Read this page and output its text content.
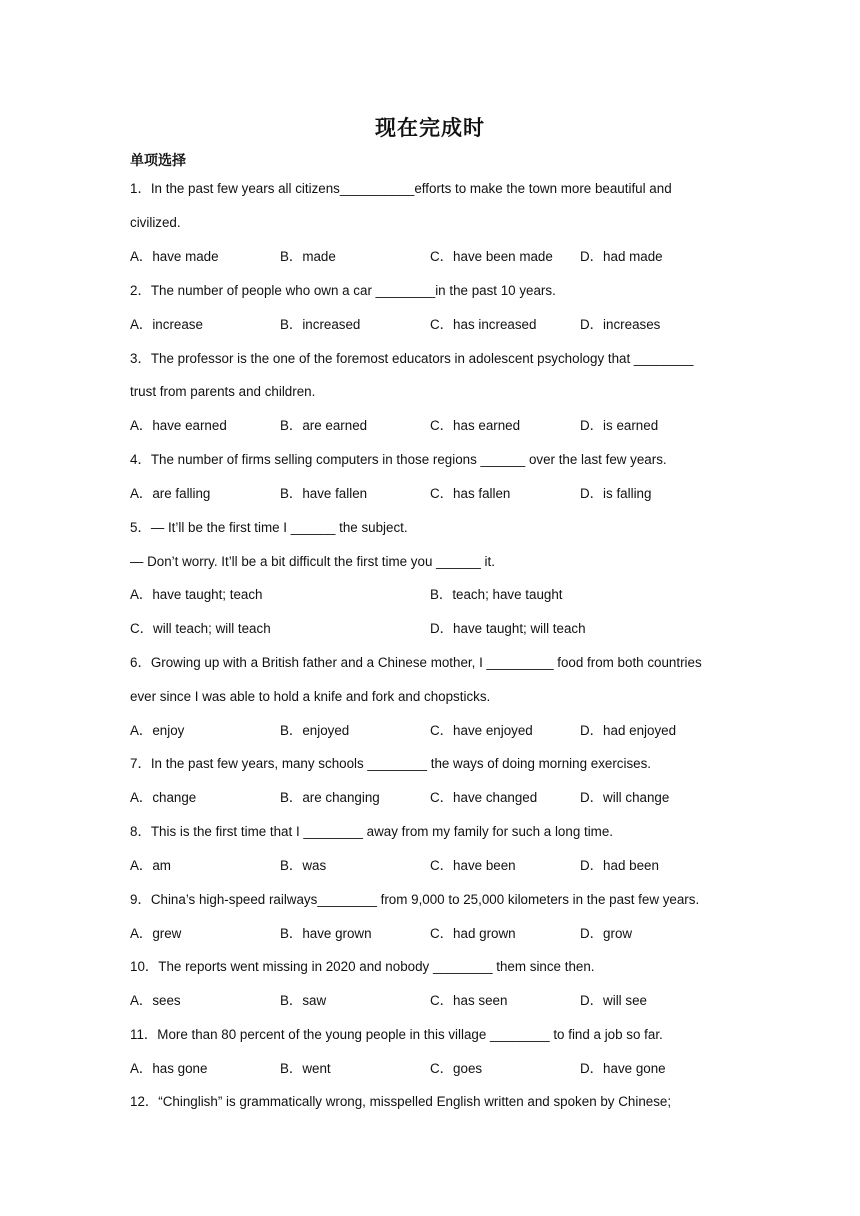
现在完成时
单项选择
1．In the past few years all citizens__________efforts to make the town more beautiful and
civilized.
A．have made	B．made	C．have been made D．had made
2．The number of people who own a car ________in the past 10 years.
A．increase	B．increased	C．has increased	D．increases
3．The professor is the one of the foremost educators in adolescent psychology that ________
trust from parents and children.
A．have earned	B．are earned	C．has earned	D．is earned
4．The number of firms selling computers in those regions ______ over the last few years.
A．are falling	B．have fallen	C．has fallen	D．is falling
5．— It’ll be the first time I ______ the subject.
— Don’t worry. It’ll be a bit difficult the first time you ______ it.
A．have taught; teach	B．teach; have taught
C．will teach; will teach	D．have taught; will teach
6．Growing up with a British father and a Chinese mother, I _________ food from both countries
ever since I was able to hold a knife and fork and chopsticks.
A．enjoy	B．enjoyed	C．have enjoyed	D．had enjoyed
7．In the past few years, many schools ________ the ways of doing morning exercises.
A．change	B．are changing	C．have changed	D．will change
8．This is the first time that I ________ away from my family for such a long time.
A．am	B．was	C．have been	D．had been
9．China’s high-speed railways________ from 9,000 to 25,000 kilometers in the past few years.
A．grew	B．have grown	C．had grown	D．grow
10．The reports went missing in 2020 and nobody ________ them since then.
A．sees	B．saw	C．has seen	D．will see
11．More than 80 percent of the young people in this village ________ to find a job so far.
A．has gone	B．went	C．goes	D．have gone
12．“Chinglish” is grammatically wrong, misspelled English written and spoken by Chinese;
